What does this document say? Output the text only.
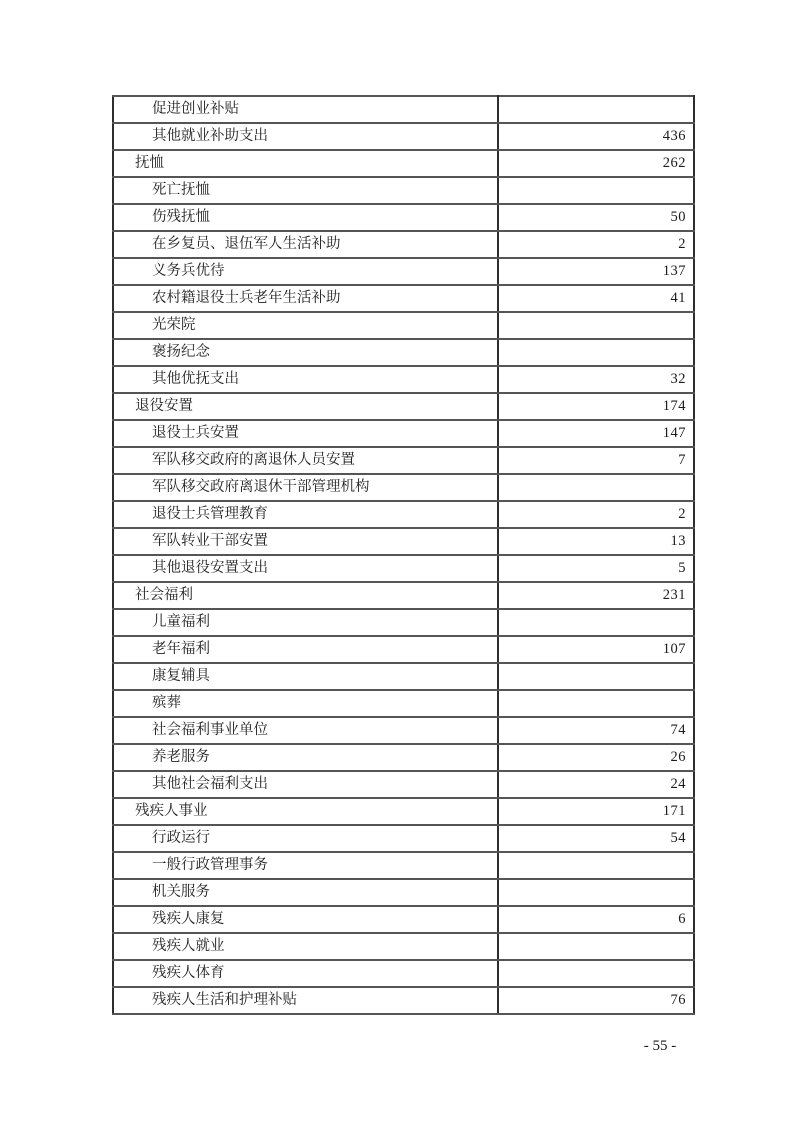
促进创业补贴	
其他就业补助支出	436
抚恤	262
死亡抚恤	
伤残抚恤	50
在乡复员、退伍军人生活补助	2
义务兵优待	137
农村籍退役士兵老年生活补助	41
光荣院	
褒扬纪念	
其他优抚支出	32
退役安置	174
退役士兵安置	147
军队移交政府的离退休人员安置	7
军队移交政府离退休干部管理机构	
退役士兵管理教育	2
军队转业干部安置	13
其他退役安置支出	5
社会福利	231
儿童福利	
老年福利	107
康复辅具	
殡葬	
社会福利事业单位	74
养老服务	26
其他社会福利支出	24
残疾人事业	171
行政运行	54
一般行政管理事务	
机关服务	
残疾人康复	6
残疾人就业	
残疾人体育	
残疾人生活和护理补贴	76
- 55 -
